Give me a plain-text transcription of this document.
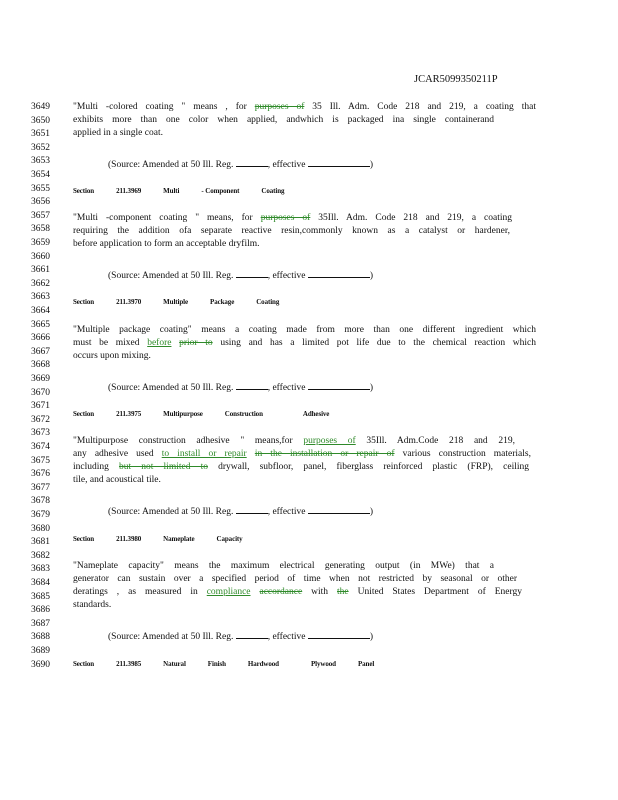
JCAR5099350211P
3649
3650
3651
3652
3653
3654
3655
3656
3657
3658
3659
3660
3661
3662
3663
3664
3665
3666
3667
3668
3669
3670
3671
3672
3673
3674
3675
3676
3677
3678
3679
3680
3681
3682
3683
3684
3685
3686
3687
3688
3689
3690
"Multi -colored coating " means , for purposes of 35 Ill. Adm. Code 218 and 219, a coating that
exhibits more than one color when applied, andwhich is packaged ina single containerand
applied in a single coat.
(Source: Amended at 50 Ill. Reg.	, effective	)
Section	211.3969	Multi	- Component	Coating
"Multi -component coating " means, for purposes of 35Ill. Adm. Code 218 and 219, a coating
requiring the addition ofa separate reactive resin,commonly known as a catalyst or hardener,
before application to form an acceptable dryfilm.
(Source: Amended at 50 Ill. Reg.	, effective	)
Section	211.3970	Multiple	Package	Coating
"Multiple package coating" means a coating made from more than one different ingredient which
must be mixed before prior to using and has a limited pot life due to the chemical reaction which
occurs upon mixing.
(Source: Amended at 50 Ill. Reg.	, effective	)
Section	211.3975	Multipurpose	Construction	Adhesive
"Multipurpose construction adhesive " means,for purposes of 35Ill. Adm.Code 218 and 219,
any adhesive used to install or repair in the installation or repair of various construction materials,
including but not limited to drywall, subfloor, panel, fiberglass reinforced plastic (FRP), ceiling
tile, and acoustical tile.
(Source: Amended at 50 Ill. Reg.	, effective	)
Section	211.3980	Nameplate	Capacity
"Nameplate capacity" means the maximum electrical generating output (in MWe) that a
generator can sustain over a specified period of time when not restricted by seasonal or other
deratings , as measured in compliance accordance with the United States Department of Energy
standards.
(Source: Amended at 50 Ill. Reg.	, effective	)
Section	211.3985	Natural	Finish	Hardwood	Plywood	Panel
